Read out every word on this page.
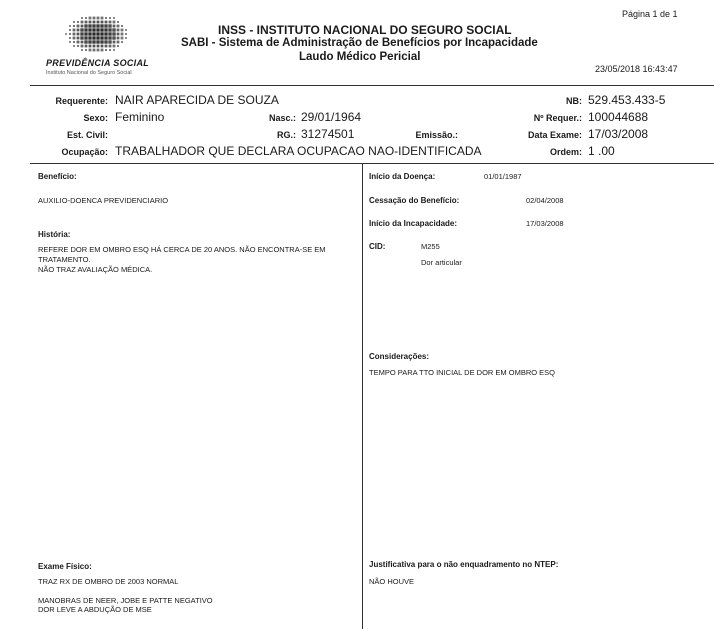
PREVIDÊNCIA SOCIAL
Instituto Nacional do Seguro Social
Página 1 de 1
INSS - INSTITUTO NACIONAL DO SEGURO SOCIAL
SABI - Sistema de Administração de Benefícios por Incapacidade
Laudo Médico Pericial
23/05/2018 16:43:47
Requerente: NAIR APARECIDA DE SOUZA	NB: 529.453.433-5
Sexo: Feminino	Nasc.: 29/01/1964	Nº Requer.: 100044688
Est. Civil:	RG.: 31274501	Emissão.:	Data Exame: 17/03/2008
Ocupação: TRABALHADOR QUE DECLARA OCUPACAO NAO-IDENTIFICADA	Ordem: 1 .00
Benefício:
AUXILIO-DOENCA PREVIDENCIARIO
História:
REFERE DOR EM OMBRO ESQ HÁ CERCA DE 20 ANOS. NÃO ENCONTRA-SE EM
TRATAMENTO.
NÃO TRAZ AVALIAÇÃO MÉDICA.
Exame Físico:
TRAZ RX DE OMBRO DE 2003 NORMAL
MANOBRAS DE NEER, JOBE E PATTE NEGATIVO
DOR LEVE A ABDUÇÃO DE MSE
Início da Doença:	01/01/1987
Cessação do Benefício:	02/04/2008
Início da Incapacidade:	17/03/2008
CID:	M255
Dor articular
Considerações:
TEMPO PARA TTO INICIAL DE DOR EM OMBRO ESQ
Justificativa para o não enquadramento no NTEP:
NÃO HOUVE
